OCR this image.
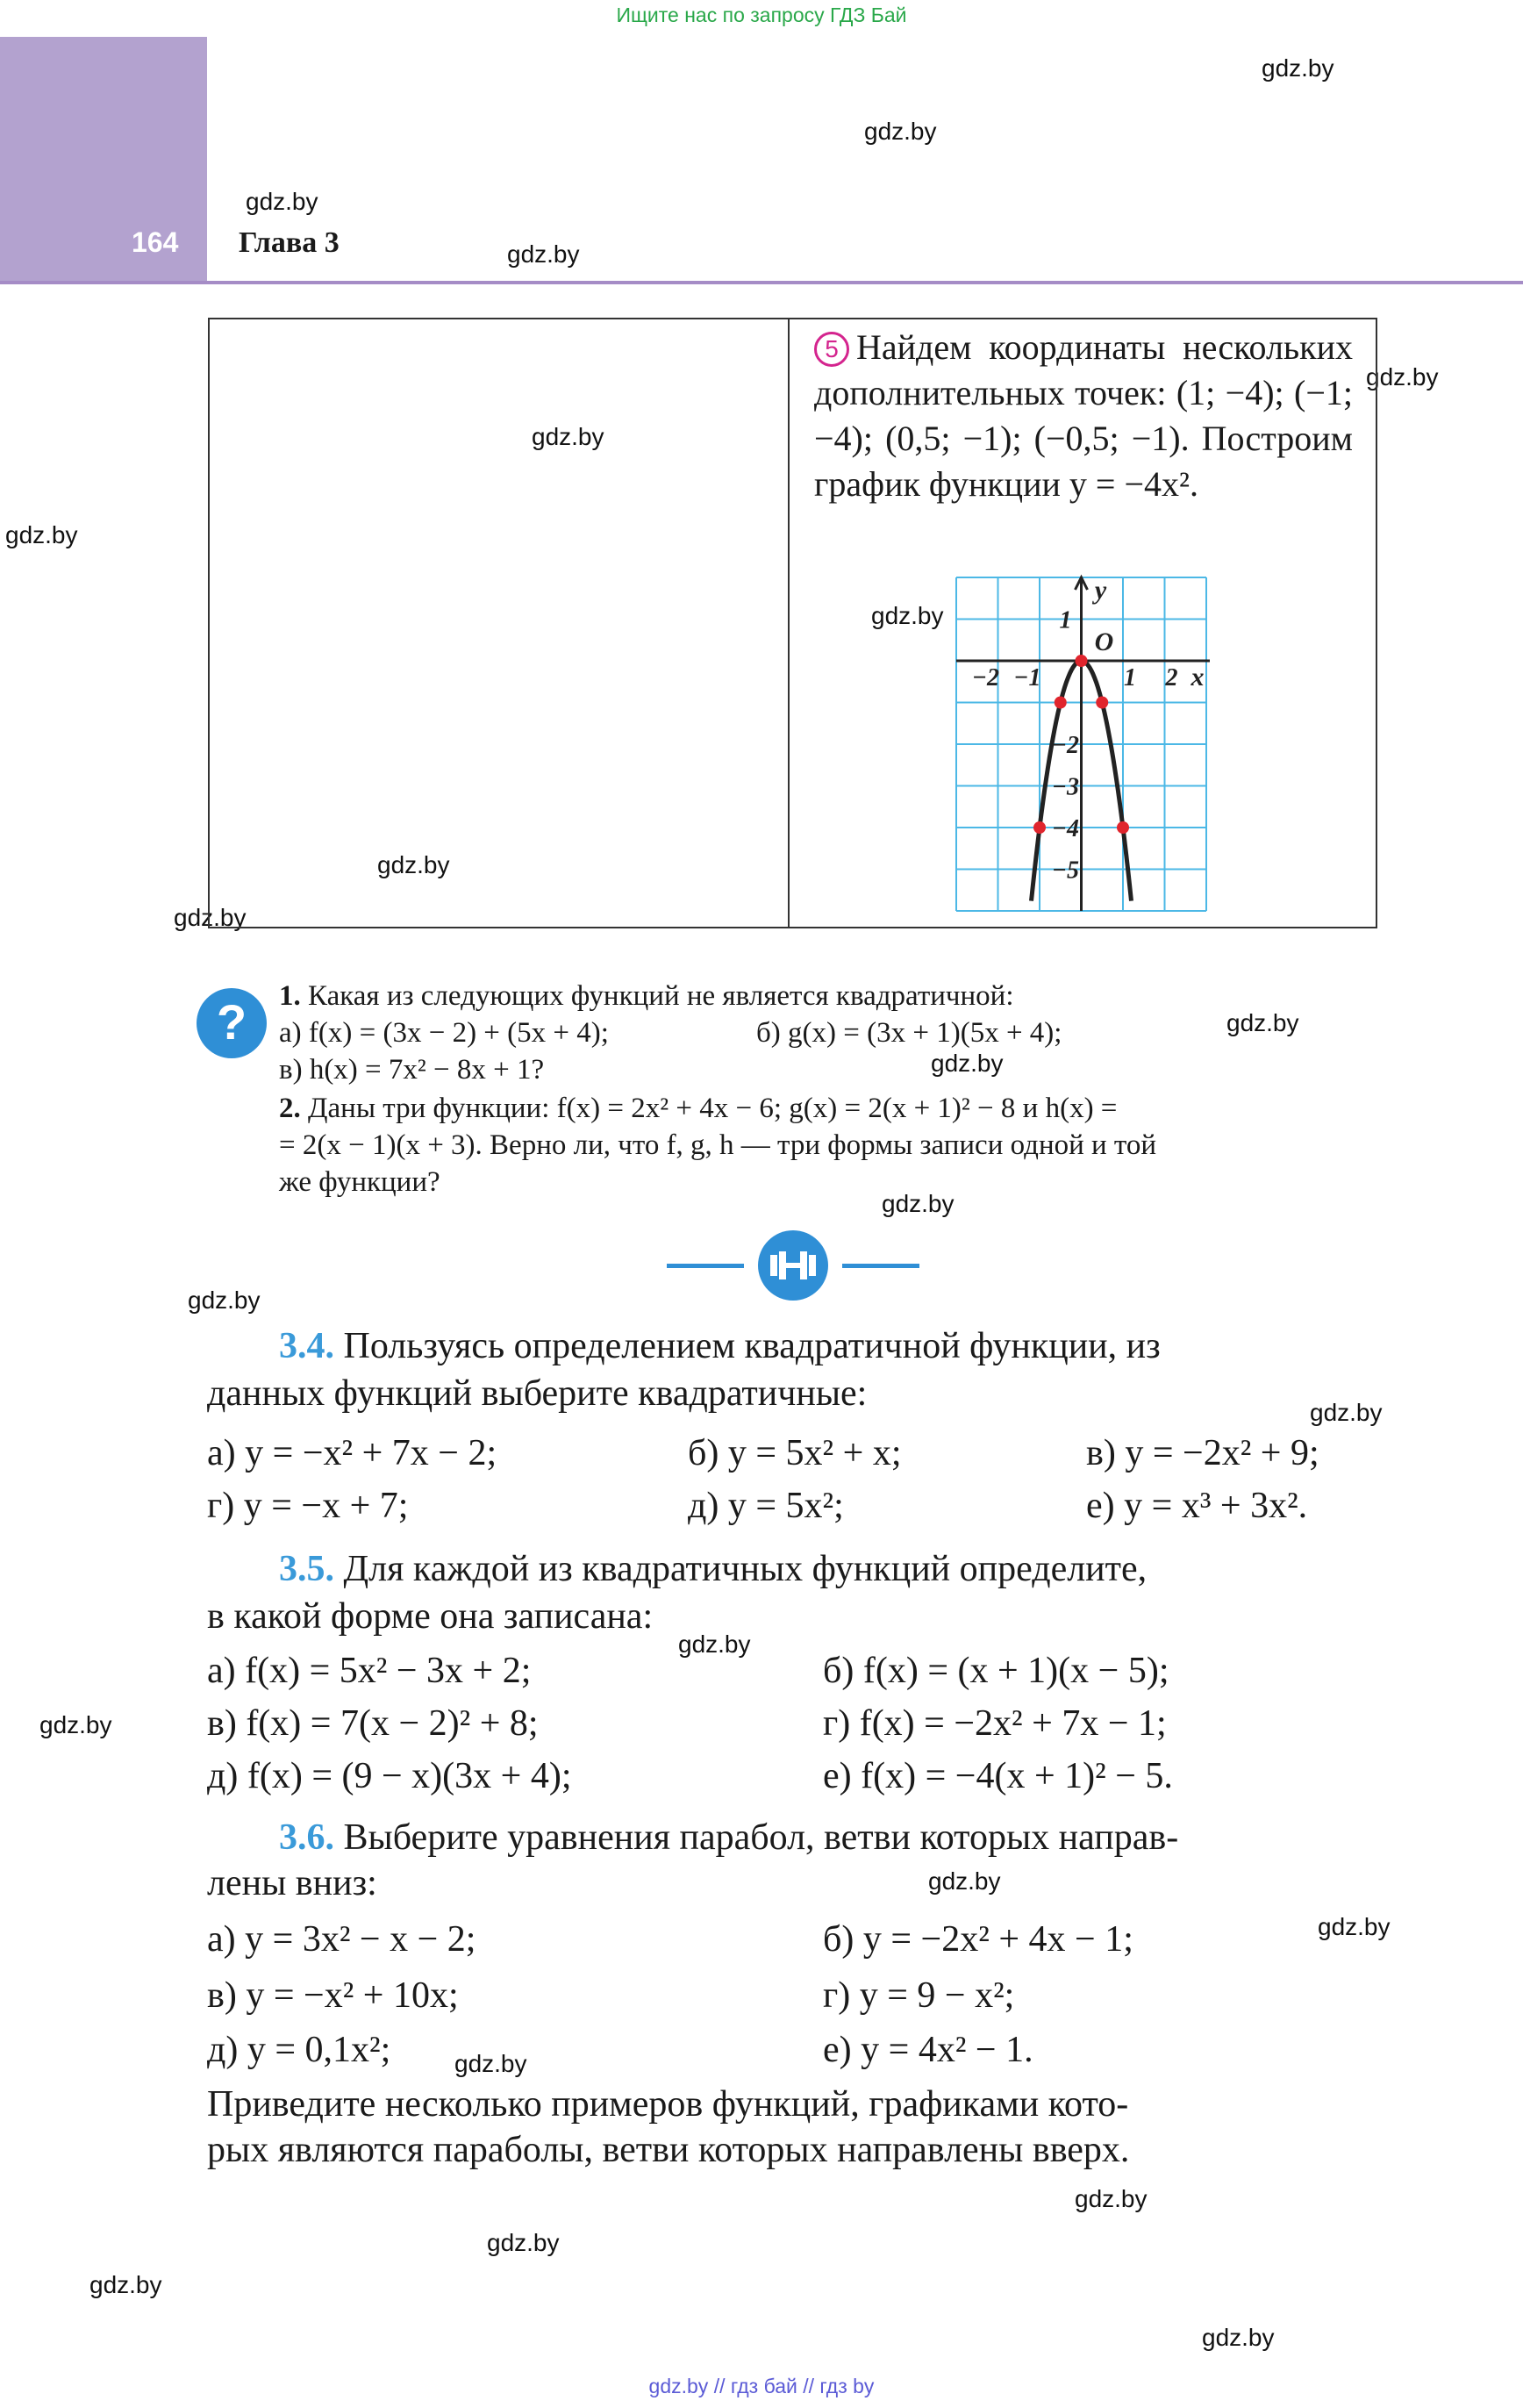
Ищите нас по запросу ГДЗ Бай
164 Глава 3
gdz.by
gdz.by
gdz.by
gdz.by
gdz.by
gdz.by
gdz.by
gdz.by
gdz.by
gdz.by
gdz.by
gdz.by
gdz.by
gdz.by
gdz.by
gdz.by
gdz.by
gdz.by
gdz.by
gdz.by
gdz.by
gdz.by
gdz.by
gdz.by
5 Найдем координаты нескольких дополнительных точек: (1; −4); (−1; −4); (0,5; −1); (−0,5; −1). Построим график функции y = −4x².
y
x
O
−2 −1	1 2
1
−2
−3
−4
−5
?	1. Какая из следующих функций не является квадратичной:
а) f(x) = (3x − 2) + (5x + 4);	б) g(x) = (3x + 1)(5x + 4);
в) h(x) = 7x² − 8x + 1?
2. Даны три функции: f(x) = 2x² + 4x − 6; g(x) = 2(x + 1)² − 8 и h(x) =
= 2(x − 1)(x + 3). Верно ли, что f, g, h — три формы записи одной и той
же функции?
3.4. Пользуясь определением квадратичной функции, из
данных функций выберите квадратичные:
а) y = −x² + 7x − 2;	б) y = 5x² + x;	в) y = −2x² + 9;
г) y = −x + 7;	д) y = 5x²;	е) y = x³ + 3x².
3.5. Для каждой из квадратичных функций определите,
в какой форме она записана:
а) f(x) = 5x² − 3x + 2;	б) f(x) = (x + 1)(x − 5);
в) f(x) = 7(x − 2)² + 8;	г) f(x) = −2x² + 7x − 1;
д) f(x) = (9 − x)(3x + 4);	е) f(x) = −4(x + 1)² − 5.
3.6. Выберите уравнения парабол, ветви которых направ-
лены вниз:
а) y = 3x² − x − 2;	б) y = −2x² + 4x − 1;
в) y = −x² + 10x;	г) y = 9 − x²;
д) y = 0,1x²;	е) y = 4x² − 1.
Приведите несколько примеров функций, графиками кото-
рых являются параболы, ветви которых направлены вверх.
gdz.by // гдз бай // гдз by
